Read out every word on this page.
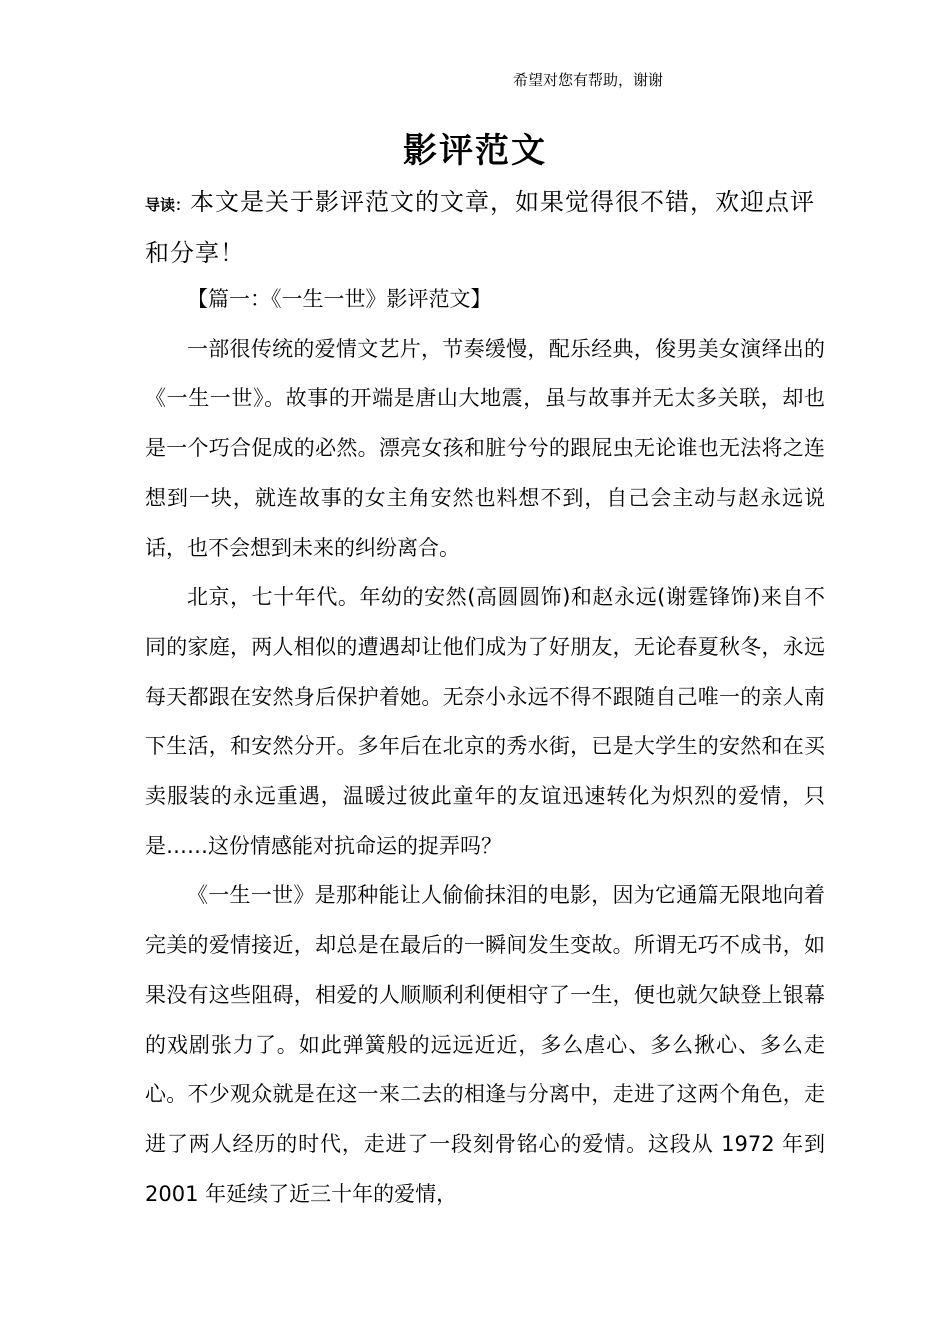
希望对您有帮助，谢谢
影评范文
导读：本文是关于影评范文的文章，如果觉得很不错，欢迎点评和分享！

【篇一：《一生一世》影评范文】

一部很传统的爱情文艺片，节奏缓慢，配乐经典，俊男美女演绎出的《一生一世》。故事的开端是唐山大地震，虽与故事并无太多关联，却也是一个巧合促成的必然。漂亮女孩和脏兮兮的跟屁虫无论谁也无法将之连想到一块，就连故事的女主角安然也料想不到，自己会主动与赵永远说话，也不会想到未来的纠纷离合。

北京，七十年代。年幼的安然(高圆圆饰)和赵永远(谢霆锋饰)来自不同的家庭，两人相似的遭遇却让他们成为了好朋友，无论春夏秋冬，永远每天都跟在安然身后保护着她。无奈小永远不得不跟随自己唯一的亲人南下生活，和安然分开。多年后在北京的秀水街，已是大学生的安然和在买卖服装的永远重遇，温暖过彼此童年的友谊迅速转化为炽烈的爱情，只是……这份情感能对抗命运的捉弄吗？

《一生一世》是那种能让人偷偷抹泪的电影，因为它通篇无限地向着完美的爱情接近，却总是在最后的一瞬间发生变故。所谓无巧不成书，如果没有这些阻碍，相爱的人顺顺利利便相守了一生，便也就欠缺登上银幕的戏剧张力了。如此弹簧般的远远近近，多么虐心、多么揪心、多么走心。不少观众就是在这一来二去的相逢与分离中，走进了这两个角色，走进了两人经历的时代，走进了一段刻骨铭心的爱情。这段从 1972 年到 2001 年延续了近三十年的爱情，
